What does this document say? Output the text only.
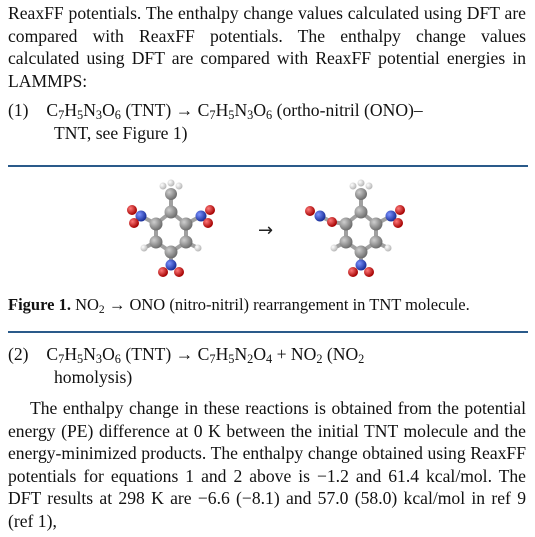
ReaxFF potentials. The enthalpy change values calculated using DFT are compared with ReaxFF potentials. The enthalpy change values calculated using DFT are compared with ReaxFF potential energies in LAMMPS:

(1) $C_7H_5N_3O_6$ $(TNT) \to C_7H_5N_3O_6$ (ortho-nitril (ONO)–
TNT, see Figure 1)
→

Figure 1. $NO_2$ → ONO (nitro-nitril) rearrangement in TNT molecule.

(2) $C_7H_5N_3O_6$ $(TNT) \to C_7H_5N_2O_4 + NO_2$ ($NO_2$
homolysis)

The enthalpy change in these reactions is obtained from the potential energy (PE) difference at 0 K between the initial TNT molecule and the energy-minimized products. The enthalpy change obtained using ReaxFF potentials for equations 1 and 2 above is −1.2 and 61.4 kcal/mol. The DFT results at 298 K are −6.6 (−8.1) and 57.0 (58.0) kcal/mol in ref 9 (ref 1),
